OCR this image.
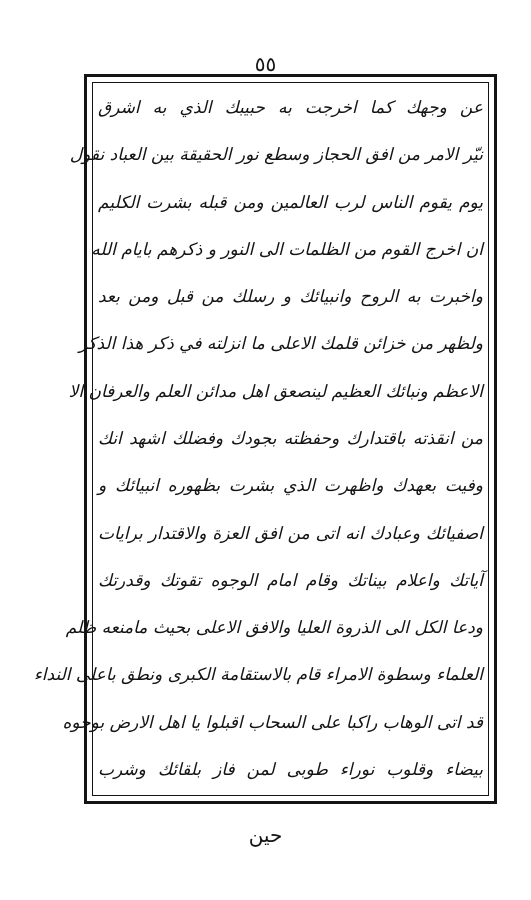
٥٥
عن وجهك كما اخرجت به حبيبك الذي به اشرق
نيّر الامر من افق الحجاز وسطع نور الحقيقة بين العباد نقول
يوم يقوم الناس لرب العالمين ومن قبله بشرت الكليم
ان اخرج القوم من الظلمات الى النور و ذكرهم بايام الله
واخبرت به الروح وانبيائك و رسلك من قبل ومن بعد
ولظهر من خزائن قلمك الاعلى ما انزلته في ذكر هذا الذكر
الاعظم ونبائك العظيم لينصعق اهل مدائن العلم والعرفان الا
من انقذته باقتدارك وحفظته بجودك وفضلك اشهد انك
وفيت بعهدك واظهرت الذي بشرت بظهوره انبيائك و
اصفيائك وعبادك انه اتى من افق العزة والاقتدار برايات
آياتك واعلام بيناتك وقام امام الوجوه تقوتك وقدرتك
ودعا الكل الى الذروة العليا والافق الاعلى بحيث مامنعه ظلم
العلماء وسطوة الامراء قام بالاستقامة الكبرى ونطق باعلى النداء
قد اتى الوهاب راكبا على السحاب اقبلوا يا اهل الارض بوجوه
بيضاء وقلوب نوراء طوبى لمن فاز بلقائك وشرب
حين
